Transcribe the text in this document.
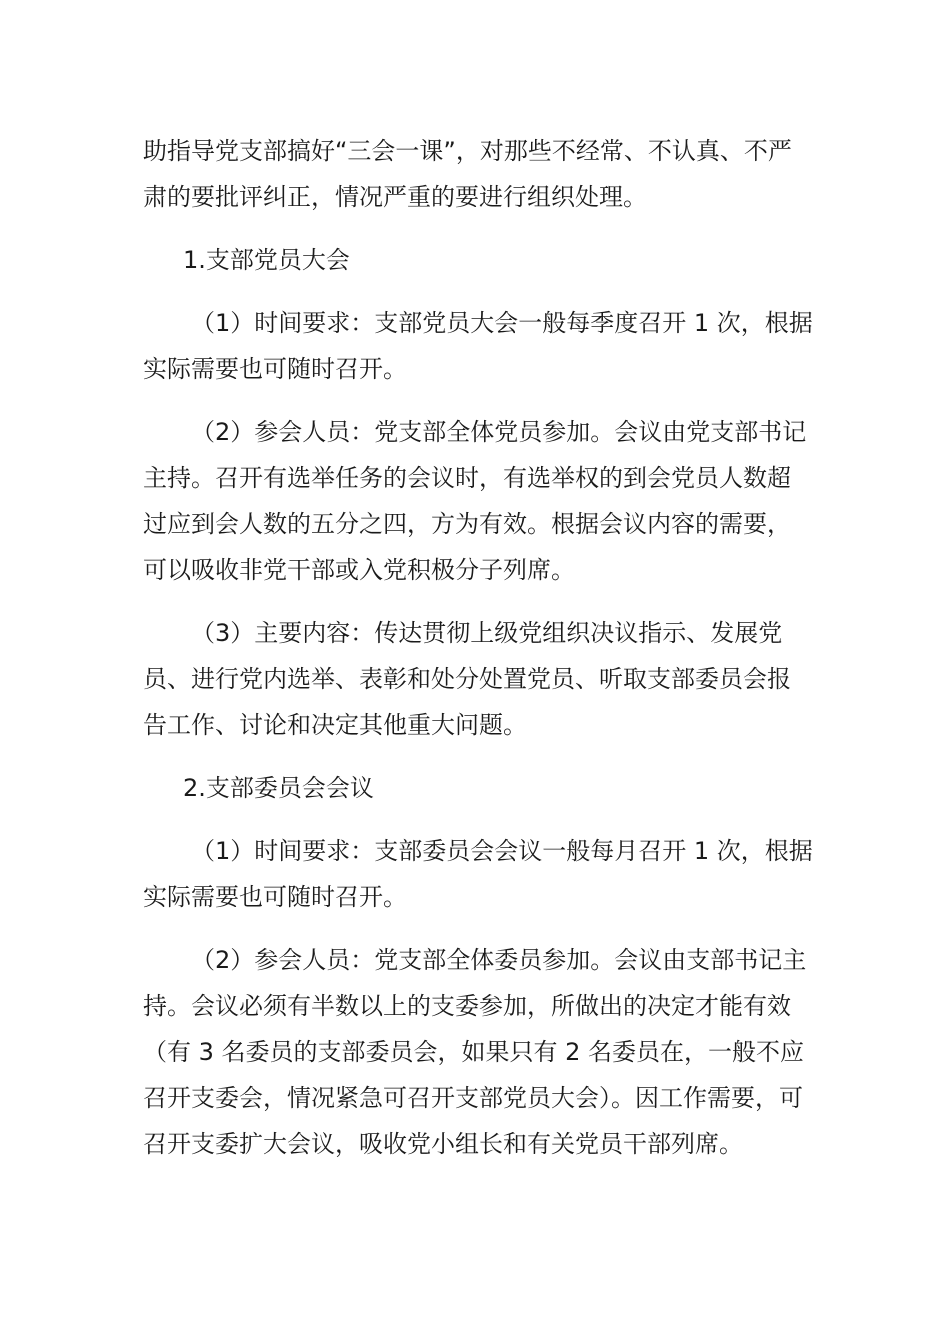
助指导党支部搞好“三会一课”，对那些不经常、不认真、不严肃的要批评纠正，情况严重的要进行组织处理。

1.支部党员大会

（1）时间要求：支部党员大会一般每季度召开 1 次，根据实际需要也可随时召开。

（2）参会人员：党支部全体党员参加。会议由党支部书记主持。召开有选举任务的会议时，有选举权的到会党员人数超过应到会人数的五分之四，方为有效。根据会议内容的需要，可以吸收非党干部或入党积极分子列席。

（3）主要内容：传达贯彻上级党组织决议指示、发展党员、进行党内选举、表彰和处分处置党员、听取支部委员会报告工作、讨论和决定其他重大问题。

2.支部委员会会议

（1）时间要求：支部委员会会议一般每月召开 1 次，根据实际需要也可随时召开。

（2）参会人员：党支部全体委员参加。会议由支部书记主持。会议必须有半数以上的支委参加，所做出的决定才能有效（有 3 名委员的支部委员会，如果只有 2 名委员在，一般不应召开支委会，情况紧急可召开支部党员大会）。因工作需要，可召开支委扩大会议，吸收党小组长和有关党员干部列席。
